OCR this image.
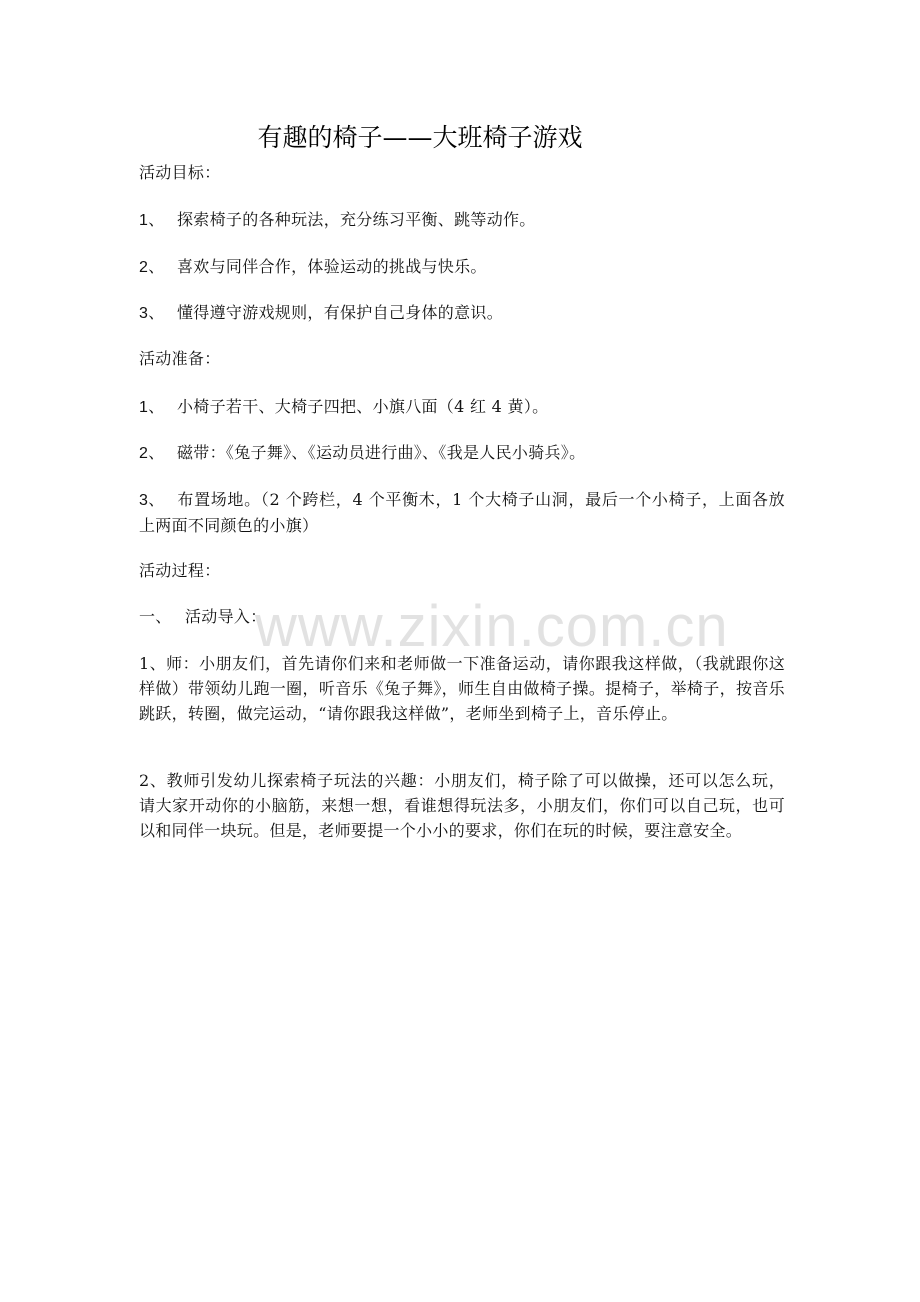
有趣的椅子——大班椅子游戏
活动目标：
1、 探索椅子的各种玩法，充分练习平衡、跳等动作。
2、 喜欢与同伴合作，体验运动的挑战与快乐。
3、 懂得遵守游戏规则，有保护自己身体的意识。
活动准备：
1、 小椅子若干、大椅子四把、小旗八面（4 红 4 黄）。
2、 磁带：《兔子舞》、《运动员进行曲》、《我是人民小骑兵》。
3、 布置场地。（2 个跨栏，4 个平衡木，1 个大椅子山洞，最后一个小椅子，上面各放上两面不同颜色的小旗）
活动过程：
一、 活动导入：
1、师：小朋友们，首先请你们来和老师做一下准备运动，请你跟我这样做，（我就跟你这样做）带领幼儿跑一圈，听音乐《兔子舞》，师生自由做椅子操。提椅子，举椅子，按音乐跳跃，转圈，做完运动，“请你跟我这样做”，老师坐到椅子上，音乐停止。
2、教师引发幼儿探索椅子玩法的兴趣：小朋友们，椅子除了可以做操，还可以怎么玩，请大家开动你的小脑筋，来想一想，看谁想得玩法多，小朋友们，你们可以自己玩，也可以和同伴一块玩。但是，老师要提一个小小的要求，你们在玩的时候，要注意安全。
www.zixin.com.cn
